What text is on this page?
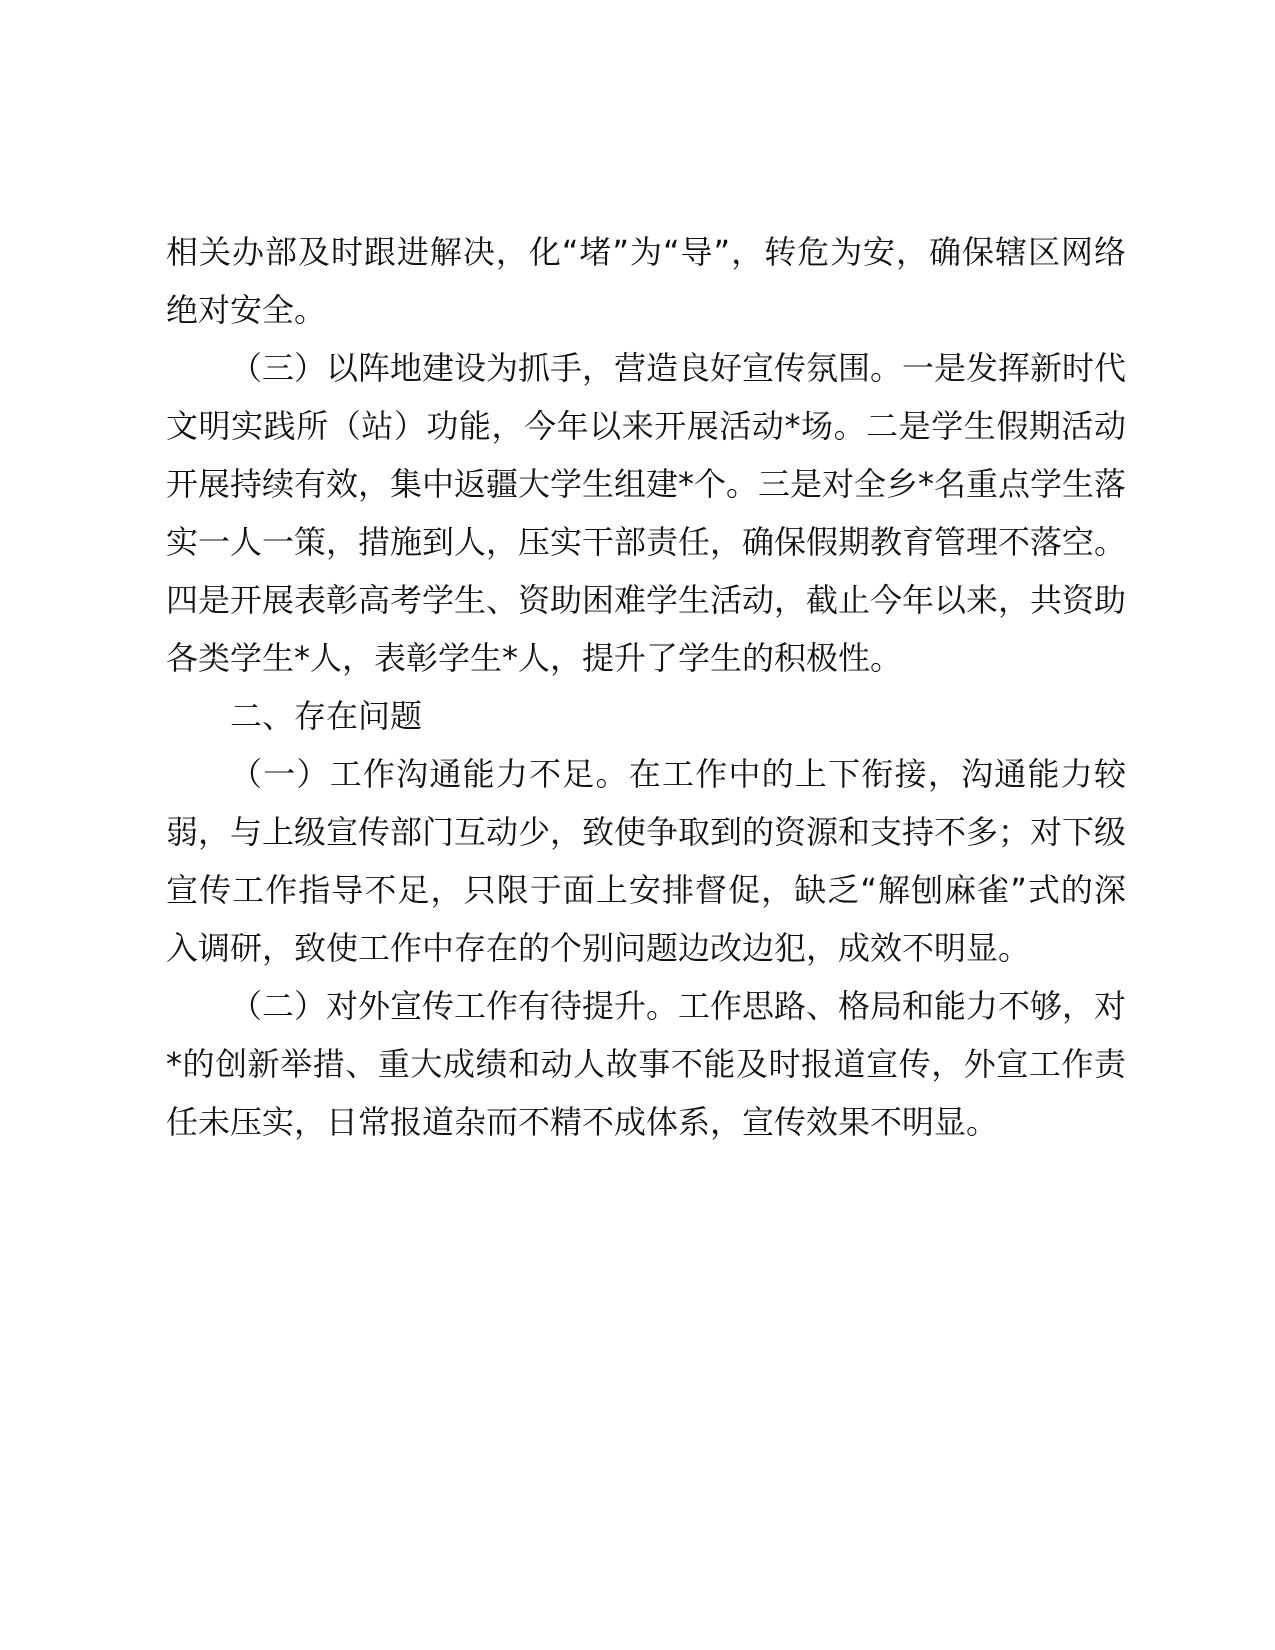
相关办部及时跟进解决，化“堵”为“导”，转危为安，确保辖区网络绝对安全。

（三）以阵地建设为抓手，营造良好宣传氛围。一是发挥新时代文明实践所（站）功能，今年以来开展活动*场。二是学生假期活动开展持续有效，集中返疆大学生组建*个。三是对全乡*名重点学生落实一人一策，措施到人，压实干部责任，确保假期教育管理不落空。四是开展表彰高考学生、资助困难学生活动，截止今年以来，共资助各类学生*人，表彰学生*人，提升了学生的积极性。

二、存在问题

（一）工作沟通能力不足。在工作中的上下衔接，沟通能力较弱，与上级宣传部门互动少，致使争取到的资源和支持不多；对下级宣传工作指导不足，只限于面上安排督促，缺乏“解刨麻雀”式的深入调研，致使工作中存在的个别问题边改边犯，成效不明显。

（二）对外宣传工作有待提升。工作思路、格局和能力不够，对*的创新举措、重大成绩和动人故事不能及时报道宣传，外宣工作责任未压实，日常报道杂而不精不成体系，宣传效果不明显。
